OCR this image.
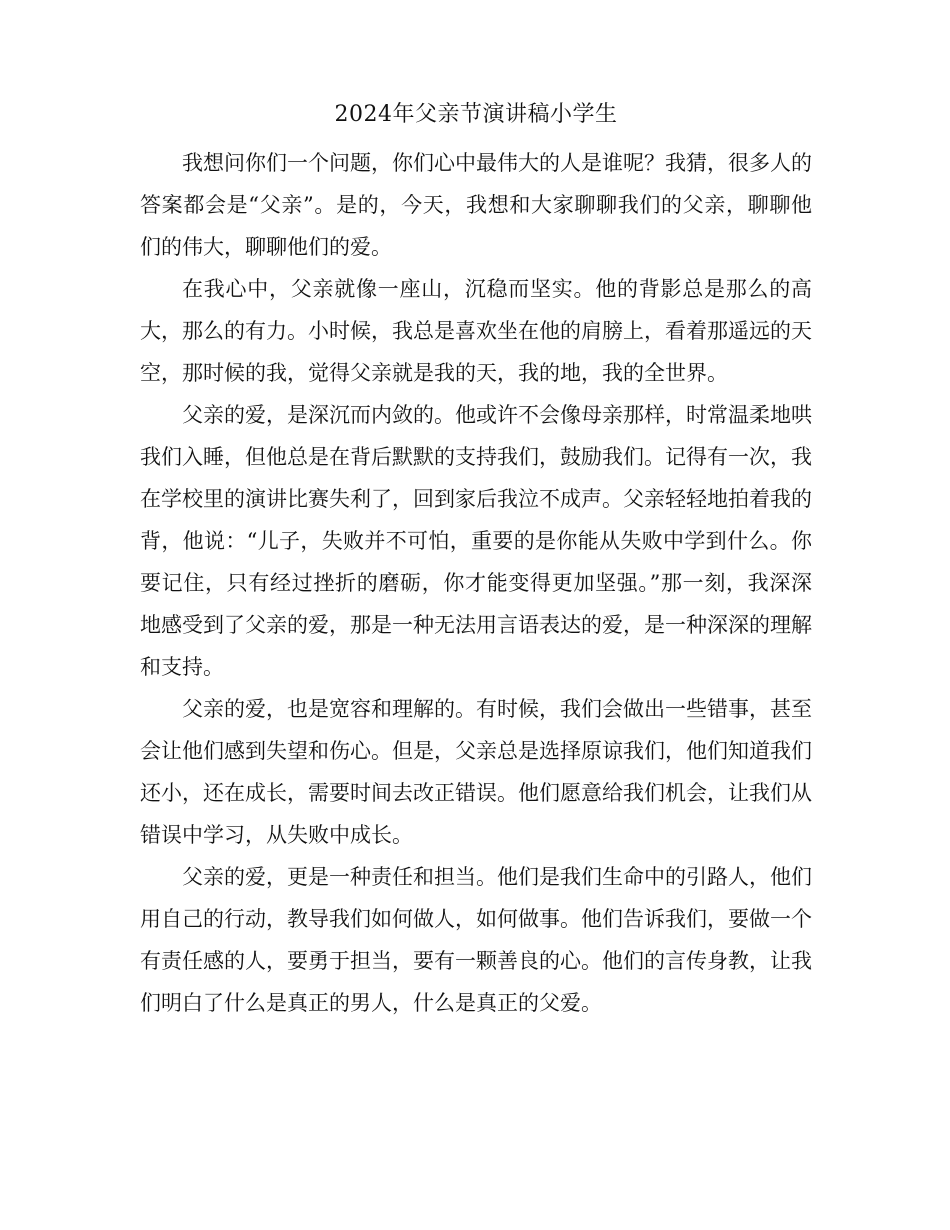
2024年父亲节演讲稿小学生

我想问你们一个问题，你们心中最伟大的人是谁呢？我猜，很多人的答案都会是“父亲”。是的，今天，我想和大家聊聊我们的父亲，聊聊他们的伟大，聊聊他们的爱。

在我心中，父亲就像一座山，沉稳而坚实。他的背影总是那么的高大，那么的有力。小时候，我总是喜欢坐在他的肩膀上，看着那遥远的天空，那时候的我，觉得父亲就是我的天，我的地，我的全世界。

父亲的爱，是深沉而内敛的。他或许不会像母亲那样，时常温柔地哄我们入睡，但他总是在背后默默的支持我们，鼓励我们。记得有一次，我在学校里的演讲比赛失利了，回到家后我泣不成声。父亲轻轻地拍着我的背，他说：“儿子，失败并不可怕，重要的是你能从失败中学到什么。你要记住，只有经过挫折的磨砺，你才能变得更加坚强。”那一刻，我深深地感受到了父亲的爱，那是一种无法用言语表达的爱，是一种深深的理解和支持。

父亲的爱，也是宽容和理解的。有时候，我们会做出一些错事，甚至会让他们感到失望和伤心。但是，父亲总是选择原谅我们，他们知道我们还小，还在成长，需要时间去改正错误。他们愿意给我们机会，让我们从错误中学习，从失败中成长。

父亲的爱，更是一种责任和担当。他们是我们生命中的引路人，他们用自己的行动，教导我们如何做人，如何做事。他们告诉我们，要做一个有责任感的人，要勇于担当，要有一颗善良的心。他们的言传身教，让我们明白了什么是真正的男人，什么是真正的父爱。
